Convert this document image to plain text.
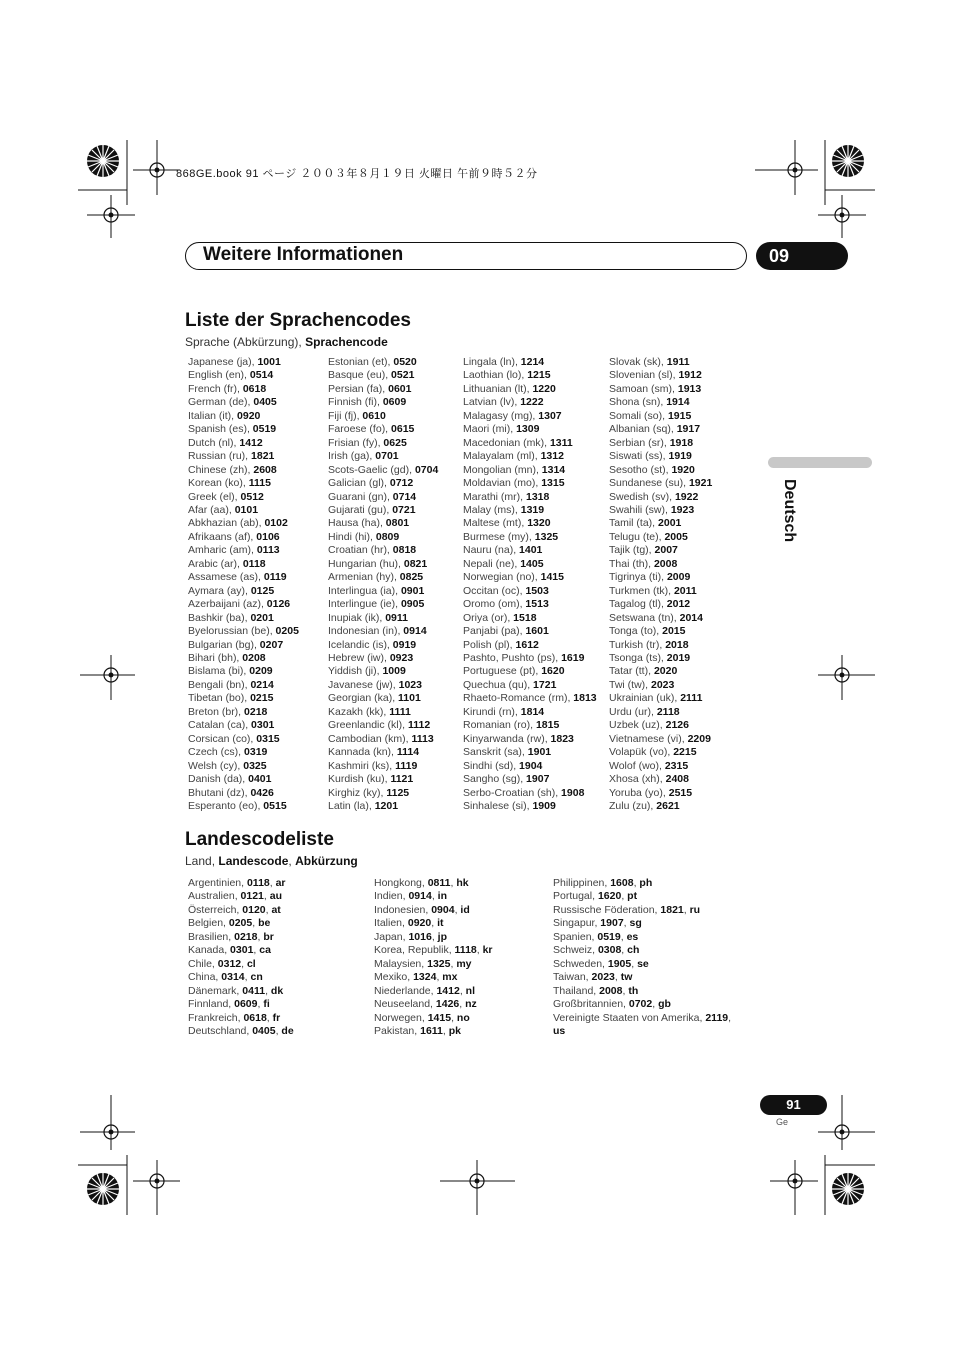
868GE.book 91 ページ ２００３年８月１９日 火曜日 午前９時５２分
Weitere Informationen	09
Deutsch
Liste der Sprachencodes
Sprache (Abkürzung), Sprachencode
Japanese (ja), 1001
English (en), 0514
French (fr), 0618
German (de), 0405
Italian (it), 0920
Spanish (es), 0519
Dutch (nl), 1412
Russian (ru), 1821
Chinese (zh), 2608
Korean (ko), 1115
Greek (el), 0512
Afar (aa), 0101
Abkhazian (ab), 0102
Afrikaans (af), 0106
Amharic (am), 0113
Arabic (ar), 0118
Assamese (as), 0119
Aymara (ay), 0125
Azerbaijani (az), 0126
Bashkir (ba), 0201
Byelorussian (be), 0205
Bulgarian (bg), 0207
Bihari (bh), 0208
Bislama (bi), 0209
Bengali (bn), 0214
Tibetan (bo), 0215
Breton (br), 0218
Catalan (ca), 0301
Corsican (co), 0315
Czech (cs), 0319
Welsh (cy), 0325
Danish (da), 0401
Bhutani (dz), 0426
Esperanto (eo), 0515
Estonian (et), 0520
Basque (eu), 0521
Persian (fa), 0601
Finnish (fi), 0609
Fiji (fj), 0610
Faroese (fo), 0615
Frisian (fy), 0625
Irish (ga), 0701
Scots-Gaelic (gd), 0704
Galician (gl), 0712
Guarani (gn), 0714
Gujarati (gu), 0721
Hausa (ha), 0801
Hindi (hi), 0809
Croatian (hr), 0818
Hungarian (hu), 0821
Armenian (hy), 0825
Interlingua (ia), 0901
Interlingue (ie), 0905
Inupiak (ik), 0911
Indonesian (in), 0914
Icelandic (is), 0919
Hebrew (iw), 0923
Yiddish (ji), 1009
Javanese (jw), 1023
Georgian (ka), 1101
Kazakh (kk), 1111
Greenlandic (kl), 1112
Cambodian (km), 1113
Kannada (kn), 1114
Kashmiri (ks), 1119
Kurdish (ku), 1121
Kirghiz (ky), 1125
Latin (la), 1201
Lingala (ln), 1214
Laothian (lo), 1215
Lithuanian (lt), 1220
Latvian (lv), 1222
Malagasy (mg), 1307
Maori (mi), 1309
Macedonian (mk), 1311
Malayalam (ml), 1312
Mongolian (mn), 1314
Moldavian (mo), 1315
Marathi (mr), 1318
Malay (ms), 1319
Maltese (mt), 1320
Burmese (my), 1325
Nauru (na), 1401
Nepali (ne), 1405
Norwegian (no), 1415
Occitan (oc), 1503
Oromo (om), 1513
Oriya (or), 1518
Panjabi (pa), 1601
Polish (pl), 1612
Pashto, Pushto (ps), 1619
Portuguese (pt), 1620
Quechua (qu), 1721
Rhaeto-Romance (rm), 1813
Kirundi (rn), 1814
Romanian (ro), 1815
Kinyarwanda (rw), 1823
Sanskrit (sa), 1901
Sindhi (sd), 1904
Sangho (sg), 1907
Serbo-Croatian (sh), 1908
Sinhalese (si), 1909
Slovak (sk), 1911
Slovenian (sl), 1912
Samoan (sm), 1913
Shona (sn), 1914
Somali (so), 1915
Albanian (sq), 1917
Serbian (sr), 1918
Siswati (ss), 1919
Sesotho (st), 1920
Sundanese (su), 1921
Swedish (sv), 1922
Swahili (sw), 1923
Tamil (ta), 2001
Telugu (te), 2005
Tajik (tg), 2007
Thai (th), 2008
Tigrinya (ti), 2009
Turkmen (tk), 2011
Tagalog (tl), 2012
Setswana (tn), 2014
Tonga (to), 2015
Turkish (tr), 2018
Tsonga (ts), 2019
Tatar (tt), 2020
Twi (tw), 2023
Ukrainian (uk), 2111
Urdu (ur), 2118
Uzbek (uz), 2126
Vietnamese (vi), 2209
Volapük (vo), 2215
Wolof (wo), 2315
Xhosa (xh), 2408
Yoruba (yo), 2515
Zulu (zu), 2621
Landescodeliste
Land, Landescode, Abkürzung
Argentinien, 0118, ar
Australien, 0121, au
Österreich, 0120, at
Belgien, 0205, be
Brasilien, 0218, br
Kanada, 0301, ca
Chile, 0312, cl
China, 0314, cn
Dänemark, 0411, dk
Finnland, 0609, fi
Frankreich, 0618, fr
Deutschland, 0405, de
Hongkong, 0811, hk
Indien, 0914, in
Indonesien, 0904, id
Italien, 0920, it
Japan, 1016, jp
Korea, Republik, 1118, kr
Malaysien, 1325, my
Mexiko, 1324, mx
Niederlande, 1412, nl
Neuseeland, 1426, nz
Norwegen, 1415, no
Pakistan, 1611, pk
Philippinen, 1608, ph
Portugal, 1620, pt
Russische Föderation, 1821, ru
Singapur, 1907, sg
Spanien, 0519, es
Schweiz, 0308, ch
Schweden, 1905, se
Taiwan, 2023, tw
Thailand, 2008, th
Großbritannien, 0702, gb
Vereinigte Staaten von Amerika, 2119,
us
91
Ge
